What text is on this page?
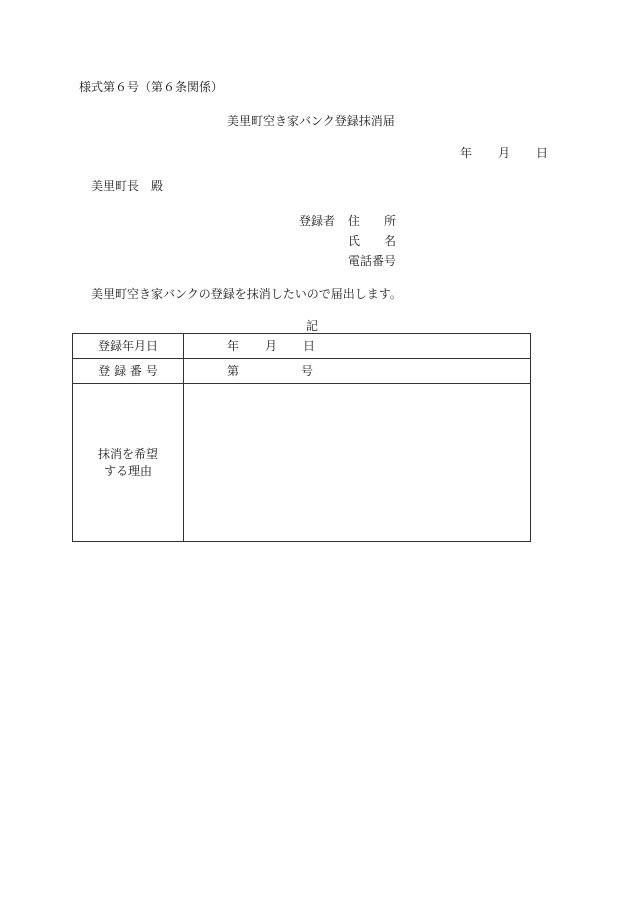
様式第６号（第６条関係）
美里町空き家バンク登録抹消届
年 月 日
美里町長　殿
登録者 住　　所
氏　　名
電話番号
美里町空き家バンクの登録を抹消したいので届出します。
記
登録年月日	年 月 日

登 録 番 号	第 号

抹消を希望
する理由	
